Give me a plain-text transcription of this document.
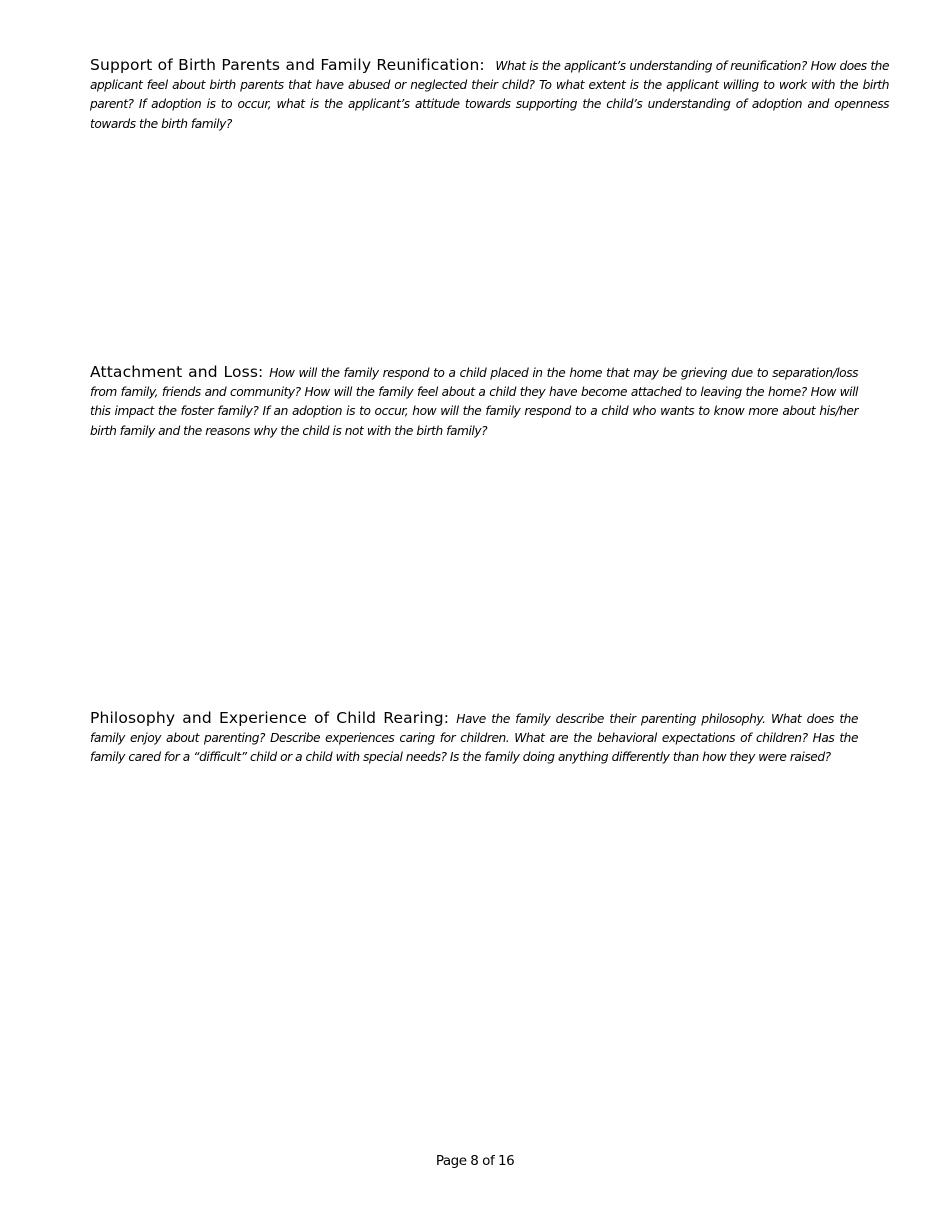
Support of Birth Parents and Family Reunification: What is the applicant’s understanding of reunification? How does the applicant feel about birth parents that have abused or neglected their child? To what extent is the applicant willing to work with the birth parent? If adoption is to occur, what is the applicant’s attitude towards supporting the child’s understanding of adoption and openness towards the birth family?

Attachment and Loss: How will the family respond to a child placed in the home that may be grieving due to separation/loss from family, friends and community? How will the family feel about a child they have become attached to leaving the home? How will this impact the foster family? If an adoption is to occur, how will the family respond to a child who wants to know more about his/her birth family and the reasons why the child is not with the birth family?

Philosophy and Experience of Child Rearing: Have the family describe their parenting philosophy. What does the family enjoy about parenting? Describe experiences caring for children. What are the behavioral expectations of children? Has the family cared for a “difficult” child or a child with special needs? Is the family doing anything differently than how they were raised?

Page 8 of 16
